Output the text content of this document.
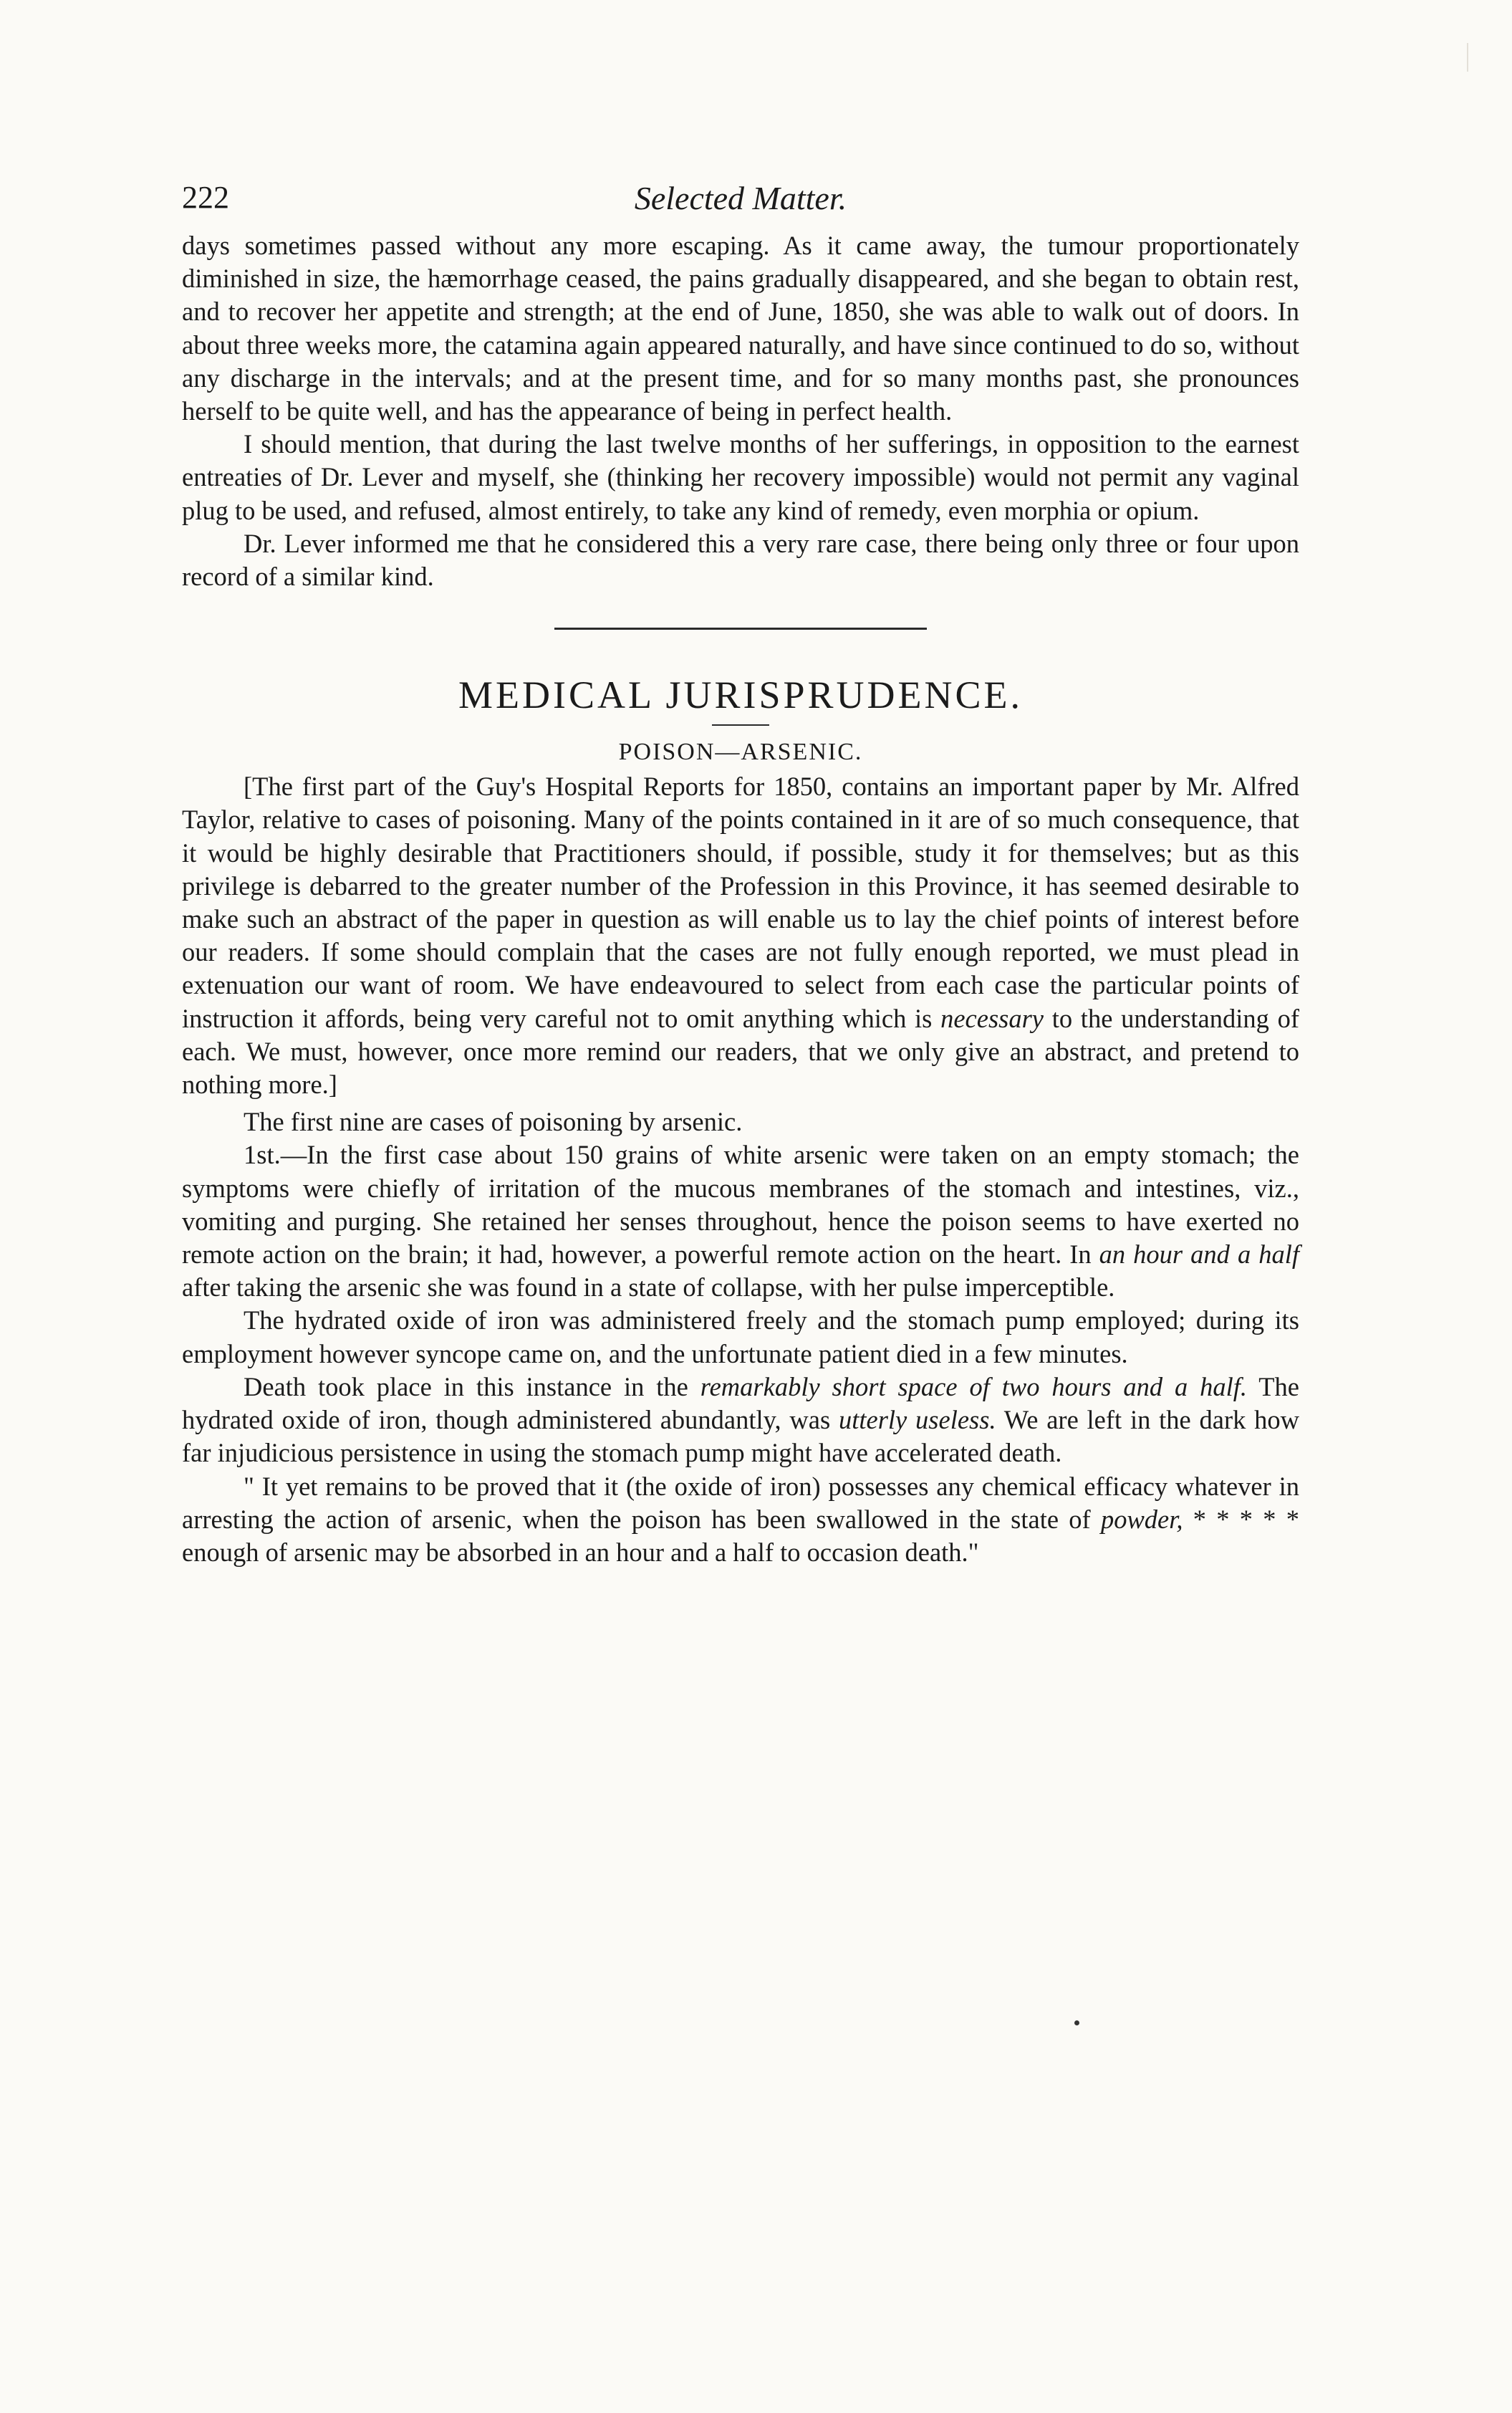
222	Selected Matter.

days sometimes passed without any more escaping. As it came away, the tumour proportionately diminished in size, the hæmorrhage ceased, the pains gradually disappeared, and she began to obtain rest, and to recover her appetite and strength; at the end of June, 1850, she was able to walk out of doors. In about three weeks more, the catamina again appeared naturally, and have since continued to do so, without any discharge in the intervals; and at the present time, and for so many months past, she pronounces herself to be quite well, and has the appearance of being in perfect health.

I should mention, that during the last twelve months of her sufferings, in opposition to the earnest entreaties of Dr. Lever and myself, she (thinking her recovery impossible) would not permit any vaginal plug to be used, and refused, almost entirely, to take any kind of remedy, even morphia or opium.

Dr. Lever informed me that he considered this a very rare case, there being only three or four upon record of a similar kind.

MEDICAL JURISPRUDENCE.
POISON—ARSENIC.

[The first part of the Guy's Hospital Reports for 1850, contains an important paper by Mr. Alfred Taylor, relative to cases of poisoning. Many of the points contained in it are of so much consequence, that it would be highly desirable that Practitioners should, if possible, study it for themselves; but as this privilege is debarred to the greater number of the Profession in this Province, it has seemed desirable to make such an abstract of the paper in question as will enable us to lay the chief points of interest before our readers. If some should complain that the cases are not fully enough reported, we must plead in extenuation our want of room. We have endeavoured to select from each case the particular points of instruction it affords, being very careful not to omit anything which is necessary to the understanding of each. We must, however, once more remind our readers, that we only give an abstract, and pretend to nothing more.]

The first nine are cases of poisoning by arsenic.

1st.—In the first case about 150 grains of white arsenic were taken on an empty stomach; the symptoms were chiefly of irritation of the mucous membranes of the stomach and intestines, viz., vomiting and purging. She retained her senses throughout, hence the poison seems to have exerted no remote action on the brain; it had, however, a powerful remote action on the heart. In an hour and a half after taking the arsenic she was found in a state of collapse, with her pulse imperceptible.

The hydrated oxide of iron was administered freely and the stomach pump employed; during its employment however syncope came on, and the unfortunate patient died in a few minutes.

Death took place in this instance in the remarkably short space of two hours and a half. The hydrated oxide of iron, though administered abundantly, was utterly useless. We are left in the dark how far injudicious persistence in using the stomach pump might have accelerated death.

" It yet remains to be proved that it (the oxide of iron) possesses any chemical efficacy whatever in arresting the action of arsenic, when the poison has been swallowed in the state of powder, * * * * * enough of arsenic may be absorbed in an hour and a half to occasion death."
